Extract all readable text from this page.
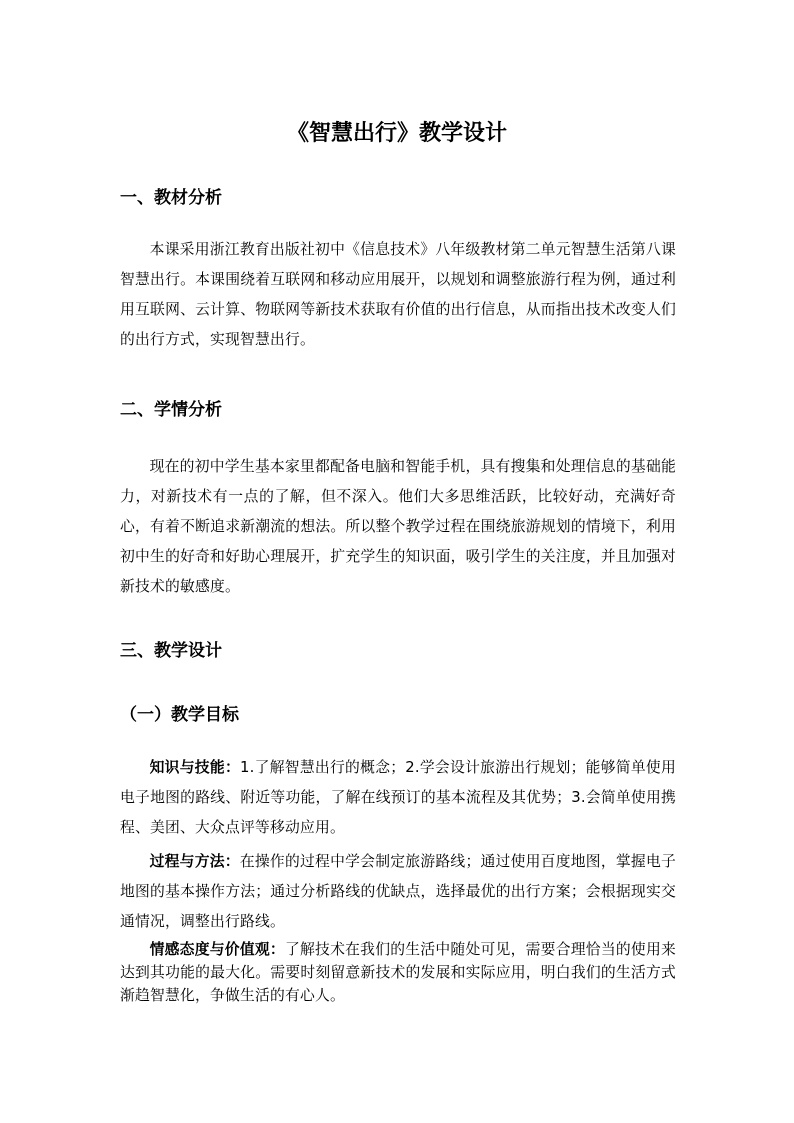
《智慧出行》教学设计
一、教材分析
本课采用浙江教育出版社初中《信息技术》八年级教材第二单元智慧生活第八课智慧出行。本课围绕着互联网和移动应用展开，以规划和调整旅游行程为例，通过利用互联网、云计算、物联网等新技术获取有价值的出行信息，从而指出技术改变人们的出行方式，实现智慧出行。
二、学情分析
现在的初中学生基本家里都配备电脑和智能手机，具有搜集和处理信息的基础能力，对新技术有一点的了解，但不深入。他们大多思维活跃，比较好动，充满好奇心，有着不断追求新潮流的想法。所以整个教学过程在围绕旅游规划的情境下，利用初中生的好奇和好助心理展开，扩充学生的知识面，吸引学生的关注度，并且加强对新技术的敏感度。
三、教学设计
（一）教学目标
知识与技能：1.了解智慧出行的概念；2.学会设计旅游出行规划；能够简单使用电子地图的路线、附近等功能，了解在线预订的基本流程及其优势；3.会简单使用携程、美团、大众点评等移动应用。
过程与方法：在操作的过程中学会制定旅游路线；通过使用百度地图，掌握电子地图的基本操作方法；通过分析路线的优缺点，选择最优的出行方案；会根据现实交通情况，调整出行路线。
情感态度与价值观：了解技术在我们的生活中随处可见，需要合理恰当的使用来达到其功能的最大化。需要时刻留意新技术的发展和实际应用，明白我们的生活方式渐趋智慧化，争做生活的有心人。
